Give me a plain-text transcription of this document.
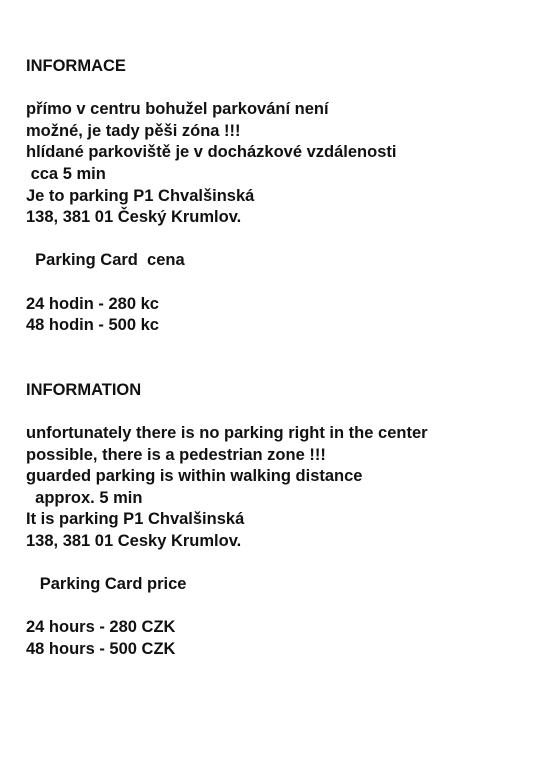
INFORMACE
přímo v centru bohužel parkování není
možné, je tady pěši zóna !!!
hlídané parkoviště je v docházkové vzdálenosti
cca 5 min
Je to parking P1 Chvalšinská
138, 381 01 Český Krumlov.
Parking Card  cena
24 hodin - 280 kc
48 hodin - 500 kc
INFORMATION
unfortunately there is no parking right in the center
possible, there is a pedestrian zone !!!
guarded parking is within walking distance
approx. 5 min
It is parking P1 Chvalšinská
138, 381 01 Cesky Krumlov.
Parking Card price
24 hours - 280 CZK
48 hours - 500 CZK
